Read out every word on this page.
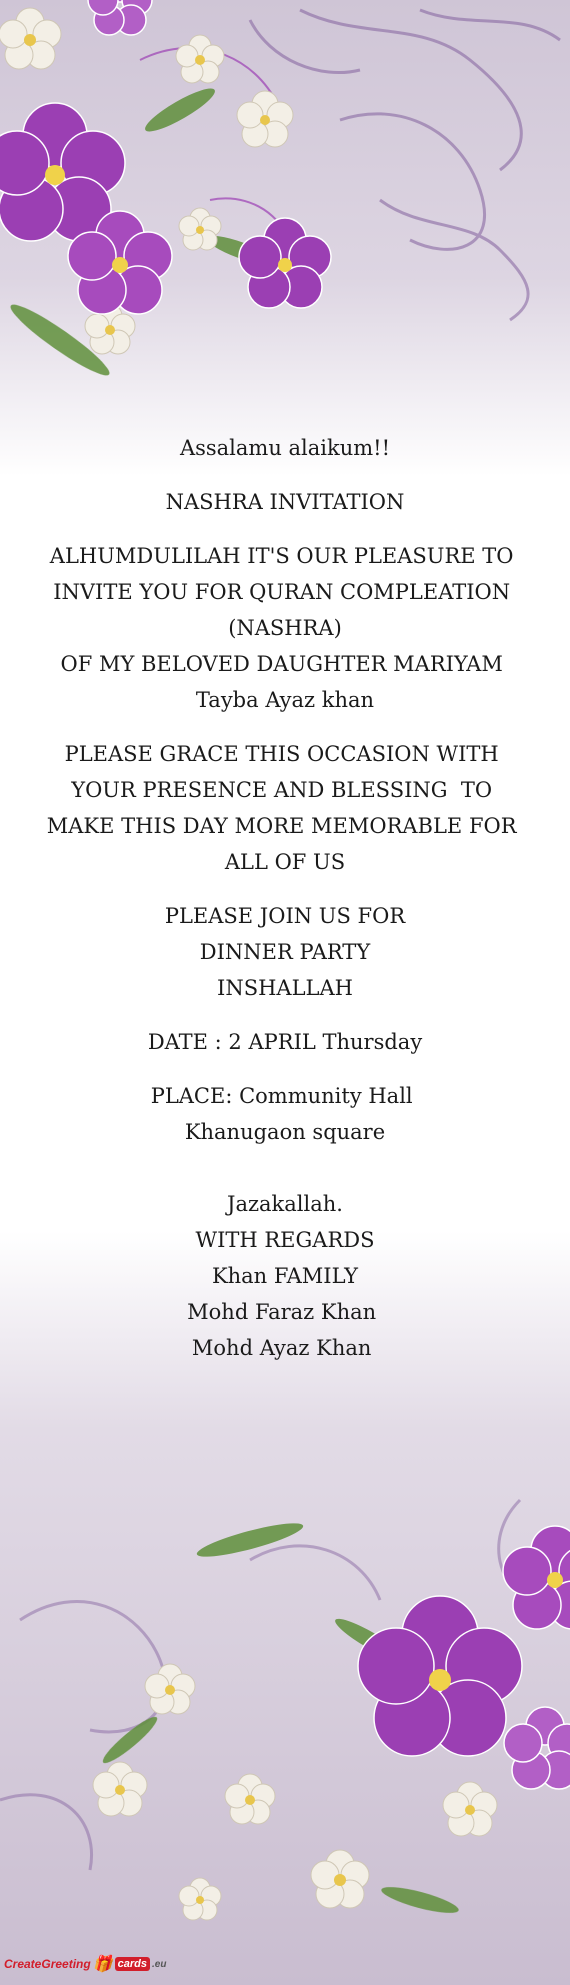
Assalamu alaikum!!
NASHRA INVITATION
ALHUMDULILAH IT'S OUR PLEASURE TO
INVITE YOU FOR QURAN COMPLEATION
(NASHRA)
OF MY BELOVED DAUGHTER MARIYAM
Tayba Ayaz khan
PLEASE GRACE THIS OCCASION WITH
YOUR PRESENCE AND BLESSING  TO
MAKE THIS DAY MORE MEMORABLE FOR
ALL OF US
PLEASE JOIN US FOR
DINNER PARTY
INSHALLAH
DATE : 2 APRIL Thursday
PLACE: Community Hall
Khanugaon square
Jazakallah.
WITH REGARDS
Khan FAMILY
Mohd Faraz Khan
Mohd Ayaz Khan
CreateGreeting 🎁 cards .eu
